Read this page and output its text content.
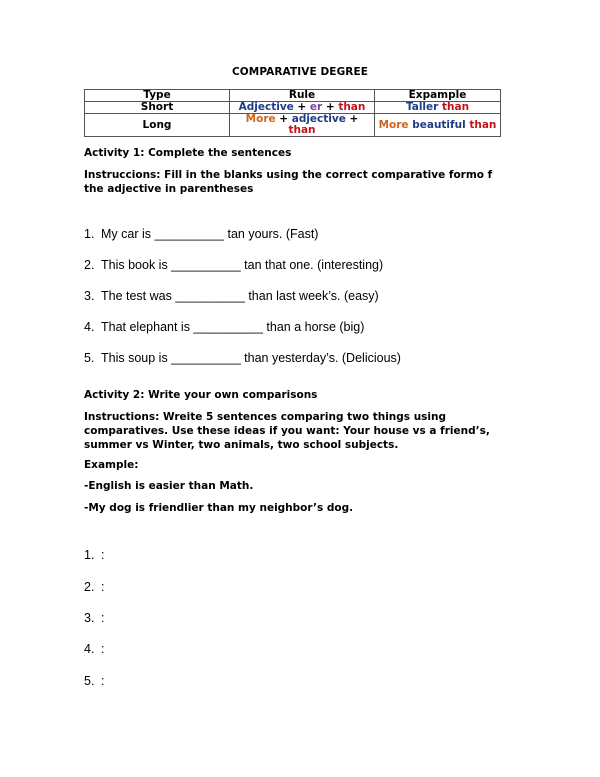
COMPARATIVE DEGREE
Type	Rule	Expample
Short	Adjective + er + than	Taller than
Long	More + adjective + than	More beautiful than
Activity 1: Complete the sentences
Instruccions: Fill in the blanks using the correct comparative formo f the adjective in parentheses
1. My car is __________ tan yours. (Fast)
2. This book is __________ tan that one. (interesting)
3. The test was __________ than last week’s. (easy)
4. That elephant is __________ than a horse (big)
5. This soup is __________ than yesterday’s. (Delicious)
Activity 2: Write your own comparisons
Instructions: Wreite 5 sentences comparing two things using comparatives. Use these ideas if you want: Your house vs a friend’s, summer vs Winter, two animals, two school subjects.
Example:
-English is easier than Math.
-My dog is friendlier than my neighbor’s dog.
1. :
2. :
3. :
4. :
5. :
